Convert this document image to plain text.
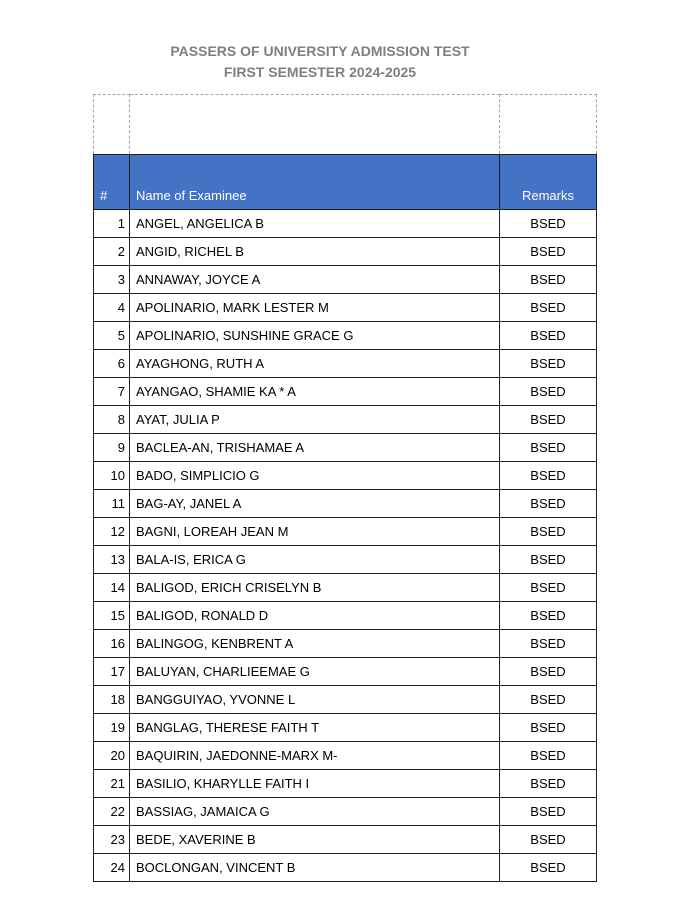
PASSERS OF UNIVERSITY ADMISSION TEST
FIRST SEMESTER 2024-2025

#	Name of Examinee	Remarks
1	ANGEL, ANGELICA B	BSED
2	ANGID, RICHEL B	BSED
3	ANNAWAY, JOYCE A	BSED
4	APOLINARIO, MARK LESTER M	BSED
5	APOLINARIO, SUNSHINE GRACE G	BSED
6	AYAGHONG, RUTH A	BSED
7	AYANGAO, SHAMIE KA * A	BSED
8	AYAT, JULIA P	BSED
9	BACLEA-AN, TRISHAMAE A	BSED
10	BADO, SIMPLICIO G	BSED
11	BAG-AY, JANEL A	BSED
12	BAGNI, LOREAH JEAN M	BSED
13	BALA-IS, ERICA G	BSED
14	BALIGOD, ERICH CRISELYN B	BSED
15	BALIGOD, RONALD D	BSED
16	BALINGOG, KENBRENT A	BSED
17	BALUYAN, CHARLIEEMAE G	BSED
18	BANGGUIYAO, YVONNE L	BSED
19	BANGLAG, THERESE FAITH T	BSED
20	BAQUIRIN, JAEDONNE-MARX M-	BSED
21	BASILIO, KHARYLLE FAITH I	BSED
22	BASSIAG, JAMAICA G	BSED
23	BEDE, XAVERINE B	BSED
24	BOCLONGAN, VINCENT B	BSED
